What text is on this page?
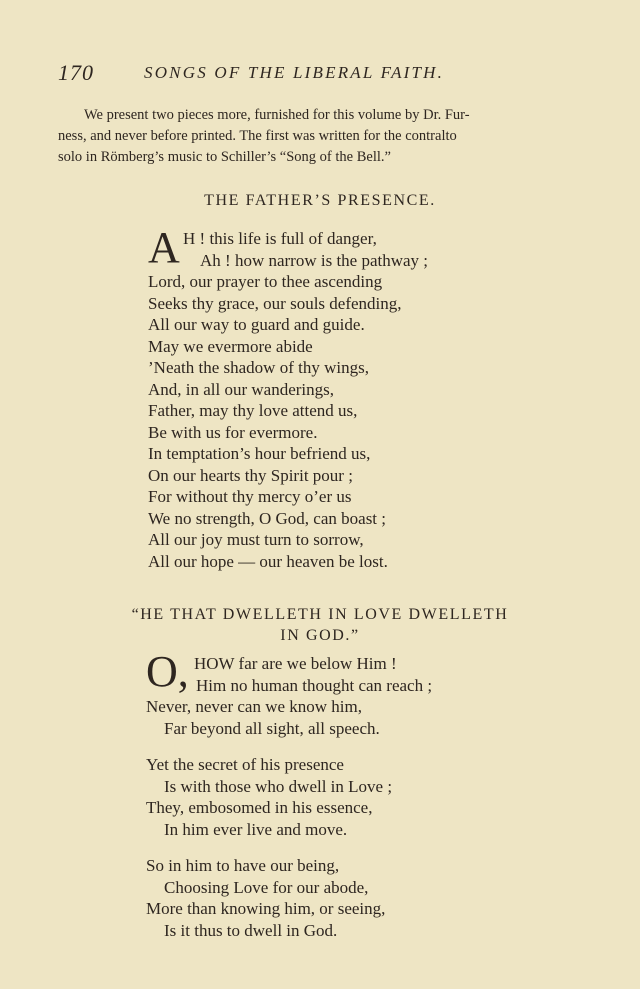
170	SONGS OF THE LIBERAL FAITH.
We present two pieces more, furnished for this volume by Dr. Fur-
ness, and never before printed. The first was written for the contralto
solo in Römberg’s music to Schiller’s “Song of the Bell.”
THE FATHER’S PRESENCE.
A H ! this life is full of danger,
Ah ! how narrow is the pathway ;
Lord, our prayer to thee ascending
Seeks thy grace, our souls defending,
All our way to guard and guide.
May we evermore abide
’Neath the shadow of thy wings,
And, in all our wanderings,
Father, may thy love attend us,
Be with us for evermore.
In temptation’s hour befriend us,
On our hearts thy Spirit pour ;
For without thy mercy o’er us
We no strength, O God, can boast ;
All our joy must turn to sorrow,
All our hope — our heaven be lost.
“HE THAT DWELLETH IN LOVE DWELLETH
IN GOD.”
O, HOW far are we below Him !
Him no human thought can reach ;
Never, never can we know him,
Far beyond all sight, all speech.
Yet the secret of his presence
Is with those who dwell in Love ;
They, embosomed in his essence,
In him ever live and move.
So in him to have our being,
Choosing Love for our abode,
More than knowing him, or seeing,
Is it thus to dwell in God.
